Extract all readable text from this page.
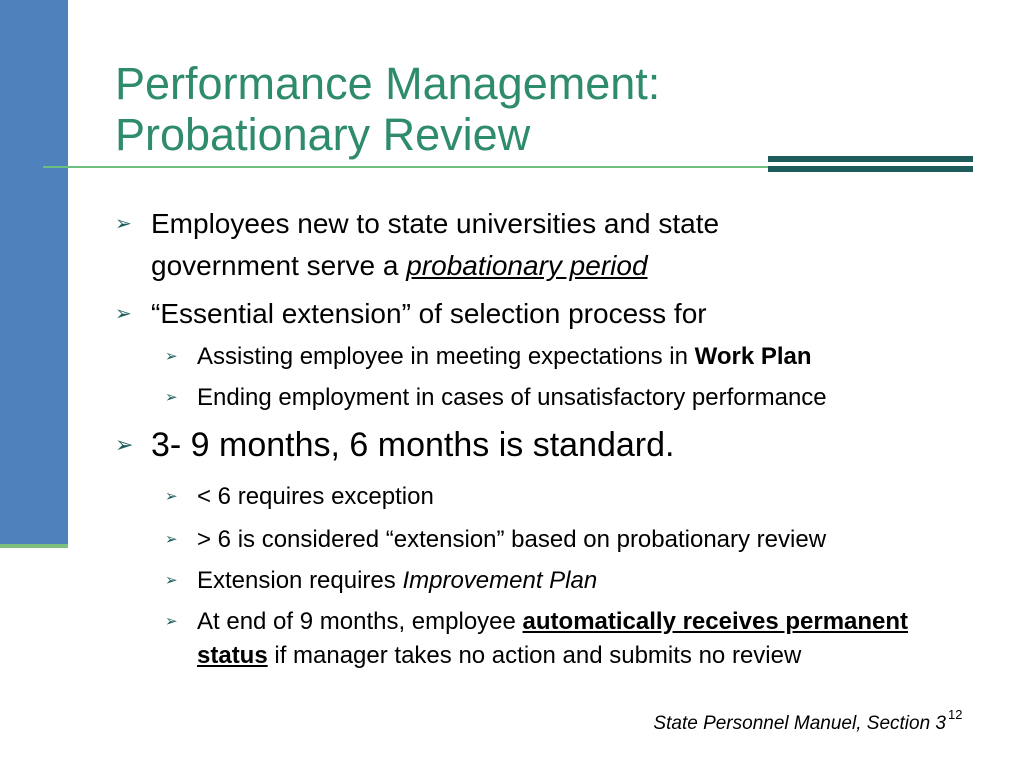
Performance Management:
Probationary Review
➢ Employees new to state universities and state government serve a probationary period
➢ “Essential extension” of selection process for
➢ Assisting employee in meeting expectations in Work Plan
➢ Ending employment in cases of unsatisfactory performance
➢ 3- 9 months, 6 months is standard.
➢ < 6 requires exception
➢ > 6 is considered “extension” based on probationary review
➢ Extension requires Improvement Plan
➢ At end of 9 months, employee automatically receives permanent status if manager takes no action and submits no review
State Personnel Manuel, Section 3 12
